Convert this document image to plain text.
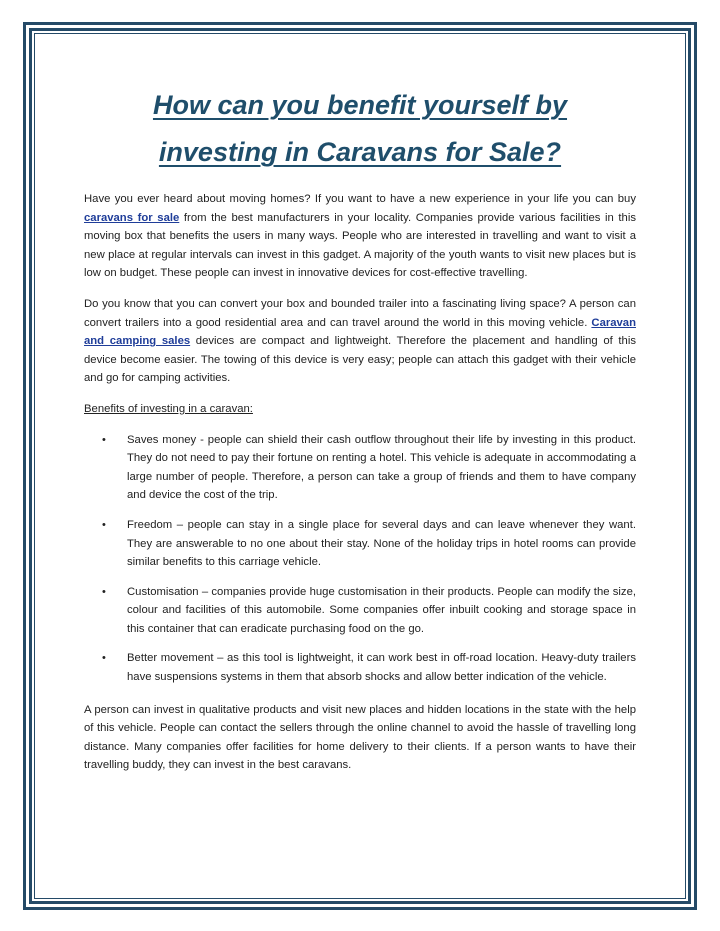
How can you benefit yourself by
investing in Caravans for Sale?

Have you ever heard about moving homes? If you want to have a new experience in your life you can buy caravans for sale from the best manufacturers in your locality. Companies provide various facilities in this moving box that benefits the users in many ways. People who are interested in travelling and want to visit a new place at regular intervals can invest in this gadget. A majority of the youth wants to visit new places but is low on budget. These people can invest in innovative devices for cost-effective travelling.

Do you know that you can convert your box and bounded trailer into a fascinating living space? A person can convert trailers into a good residential area and can travel around the world in this moving vehicle. Caravan and camping sales devices are compact and lightweight. Therefore the placement and handling of this device become easier. The towing of this device is very easy; people can attach this gadget with their vehicle and go for camping activities.

Benefits of investing in a caravan:

• Saves money - people can shield their cash outflow throughout their life by investing in this product. They do not need to pay their fortune on renting a hotel. This vehicle is adequate in accommodating a large number of people. Therefore, a person can take a group of friends and them to have company and device the cost of the trip.
• Freedom – people can stay in a single place for several days and can leave whenever they want. They are answerable to no one about their stay. None of the holiday trips in hotel rooms can provide similar benefits to this carriage vehicle.
• Customisation – companies provide huge customisation in their products. People can modify the size, colour and facilities of this automobile. Some companies offer inbuilt cooking and storage space in this container that can eradicate purchasing food on the go.
• Better movement – as this tool is lightweight, it can work best in off-road location. Heavy-duty trailers have suspensions systems in them that absorb shocks and allow better indication of the vehicle.

A person can invest in qualitative products and visit new places and hidden locations in the state with the help of this vehicle. People can contact the sellers through the online channel to avoid the hassle of travelling long distance. Many companies offer facilities for home delivery to their clients. If a person wants to have their travelling buddy, they can invest in the best caravans.
